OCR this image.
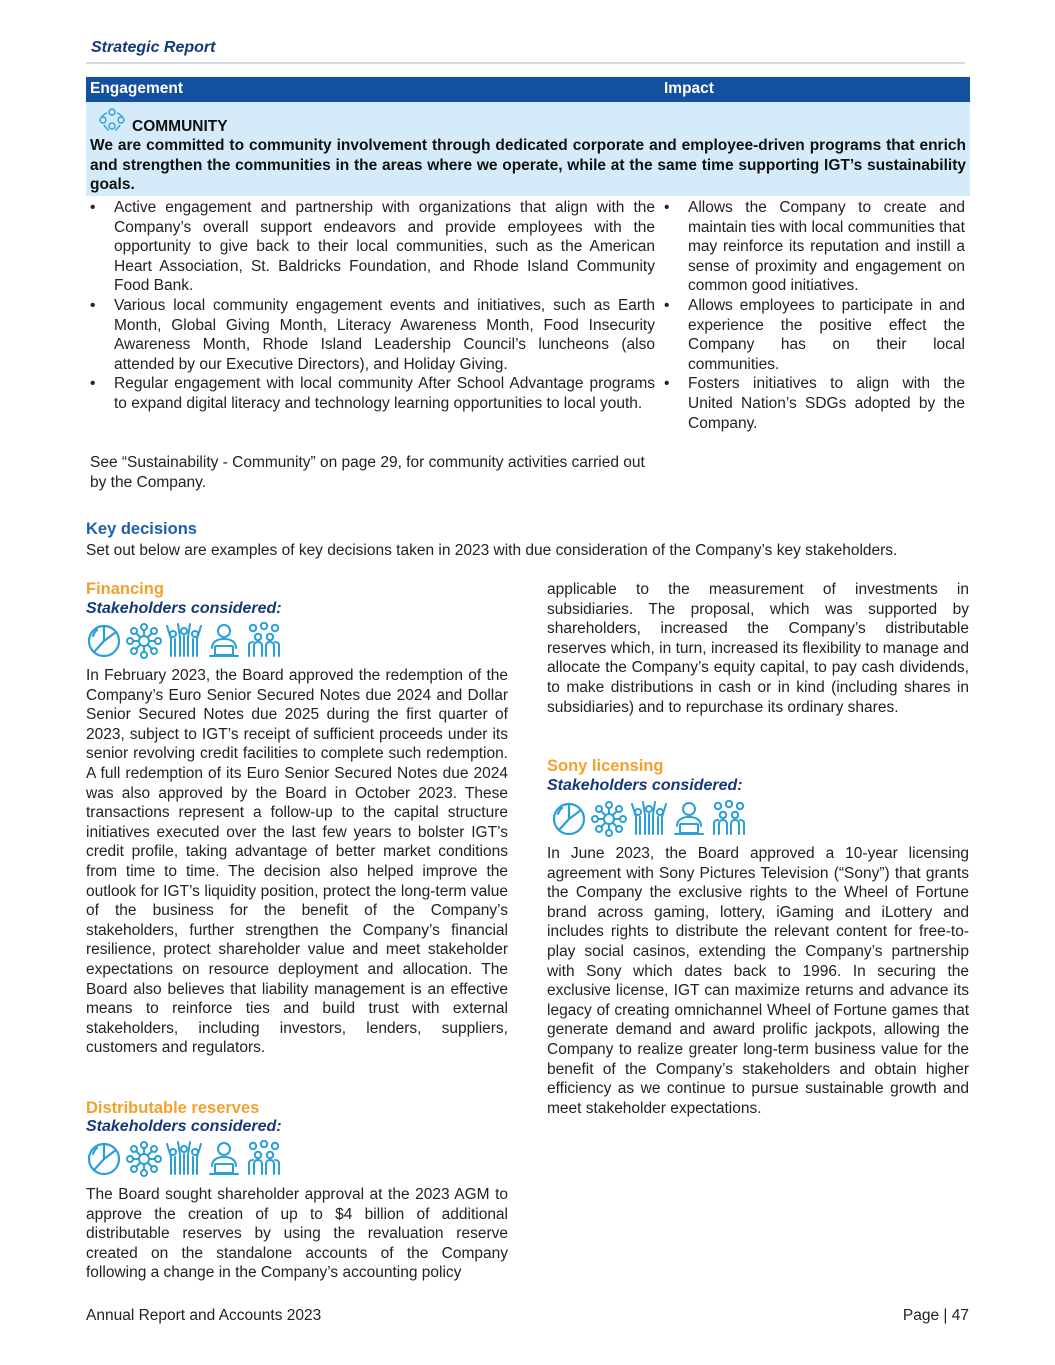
Strategic Report
Engagement	Impact
COMMUNITY
We are committed to community involvement through dedicated corporate and employee-driven programs that enrich and strengthen the communities in the areas where we operate, while at the same time supporting IGT’s sustainability goals.
• Active engagement and partnership with organizations that align with the Company’s overall support endeavors and provide employees with the opportunity to give back to their local communities, such as the American Heart Association, St. Baldricks Foundation, and Rhode Island Community Food Bank.
• Various local community engagement events and initiatives, such as Earth Month, Global Giving Month, Literacy Awareness Month, Food Insecurity Awareness Month, Rhode Island Leadership Council’s luncheons (also attended by our Executive Directors), and Holiday Giving.
• Regular engagement with local community After School Advantage programs to expand digital literacy and technology learning opportunities to local youth.
See “Sustainability - Community” on page 29, for community activities carried out by the Company.
• Allows the Company to create and maintain ties with local communities that may reinforce its reputation and instill a sense of proximity and engagement on common good initiatives.
• Allows employees to participate in and experience the positive effect the Company has on their local communities.
• Fosters initiatives to align with the United Nation’s SDGs adopted by the Company.
Key decisions
Set out below are examples of key decisions taken in 2023 with due consideration of the Company’s key stakeholders.
Financing
Stakeholders considered:

In February 2023, the Board approved the redemption of the Company’s Euro Senior Secured Notes due 2024 and Dollar Senior Secured Notes due 2025 during the first quarter of 2023, subject to IGT’s receipt of sufficient proceeds under its senior revolving credit facilities to complete such redemption. A full redemption of its Euro Senior Secured Notes due 2024 was also approved by the Board in October 2023. These transactions represent a follow-up to the capital structure initiatives executed over the last few years to bolster IGT’s credit profile, taking advantage of better market conditions from time to time. The decision also helped improve the outlook for IGT’s liquidity position, protect the long-term value of the business for the benefit of the Company’s stakeholders, further strengthen the Company’s financial resilience, protect shareholder value and meet stakeholder expectations on resource deployment and allocation. The Board also believes that liability management is an effective means to reinforce ties and build trust with external stakeholders, including investors, lenders, suppliers, customers and regulators.

Distributable reserves
Stakeholders considered:

The Board sought shareholder approval at the 2023 AGM to approve the creation of up to $4 billion of additional distributable reserves by using the revaluation reserve created on the standalone accounts of the Company following a change in the Company’s accounting policy

applicable to the measurement of investments in subsidiaries. The proposal, which was supported by shareholders, increased the Company’s distributable reserves which, in turn, increased its flexibility to manage and allocate the Company’s equity capital, to pay cash dividends, to make distributions in cash or in kind (including shares in subsidiaries) and to repurchase its ordinary shares.

Sony licensing
Stakeholders considered:

In June 2023, the Board approved a 10-year licensing agreement with Sony Pictures Television (“Sony”) that grants the Company the exclusive rights to the Wheel of Fortune brand across gaming, lottery, iGaming and iLottery and includes rights to distribute the relevant content for free-to-play social casinos, extending the Company’s partnership with Sony which dates back to 1996. In securing the exclusive license, IGT can maximize returns and advance its legacy of creating omnichannel Wheel of Fortune games that generate demand and award prolific jackpots, allowing the Company to realize greater long-term business value for the benefit of the Company’s stakeholders and obtain higher efficiency as we continue to pursue sustainable growth and meet stakeholder expectations.

Annual Report and Accounts 2023	Page | 47
